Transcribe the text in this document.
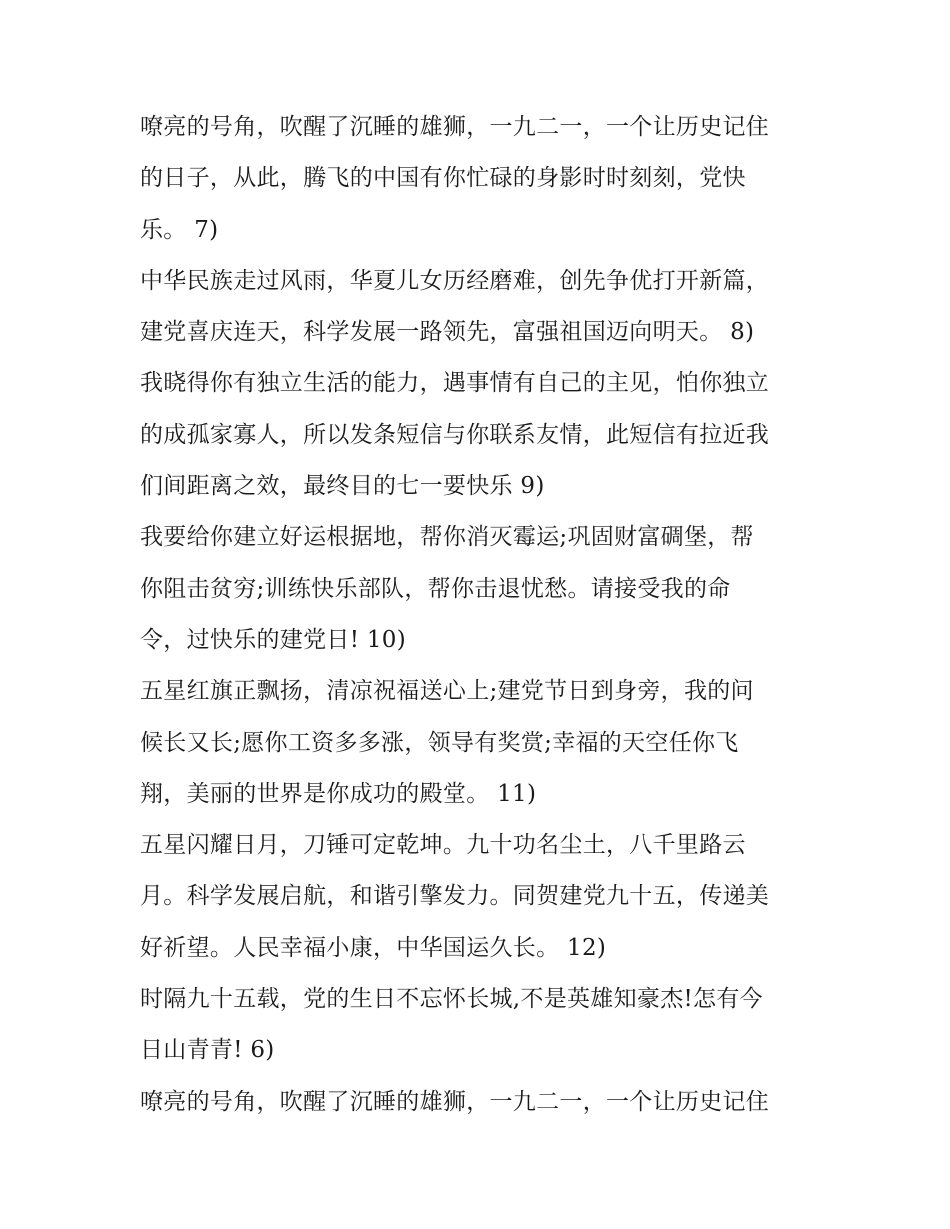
嘹亮的号角，吹醒了沉睡的雄狮，一九二一，一个让历史记住
的日子，从此，腾飞的中国有你忙碌的身影时时刻刻，党快
乐。 7)
中华民族走过风雨，华夏儿女历经磨难，创先争优打开新篇，
建党喜庆连天，科学发展一路领先，富强祖国迈向明天。 8)
我晓得你有独立生活的能力，遇事情有自己的主见，怕你独立
的成孤家寡人，所以发条短信与你联系友情，此短信有拉近我
们间距离之效，最终目的七一要快乐 9)
我要给你建立好运根据地，帮你消灭霉运;巩固财富碉堡，帮
你阻击贫穷;训练快乐部队，帮你击退忧愁。请接受我的命
令，过快乐的建党日! 10)
五星红旗正飘扬，清凉祝福送心上;建党节日到身旁，我的问
候长又长;愿你工资多多涨，领导有奖赏;幸福的天空任你飞
翔，美丽的世界是你成功的殿堂。 11)
五星闪耀日月，刀锤可定乾坤。九十功名尘土，八千里路云
月。科学发展启航，和谐引擎发力。同贺建党九十五，传递美
好祈望。人民幸福小康，中华国运久长。 12)
时隔九十五载，党的生日不忘怀长城,不是英雄知豪杰!怎有今
日山青青! 6)
嘹亮的号角，吹醒了沉睡的雄狮，一九二一，一个让历史记住
